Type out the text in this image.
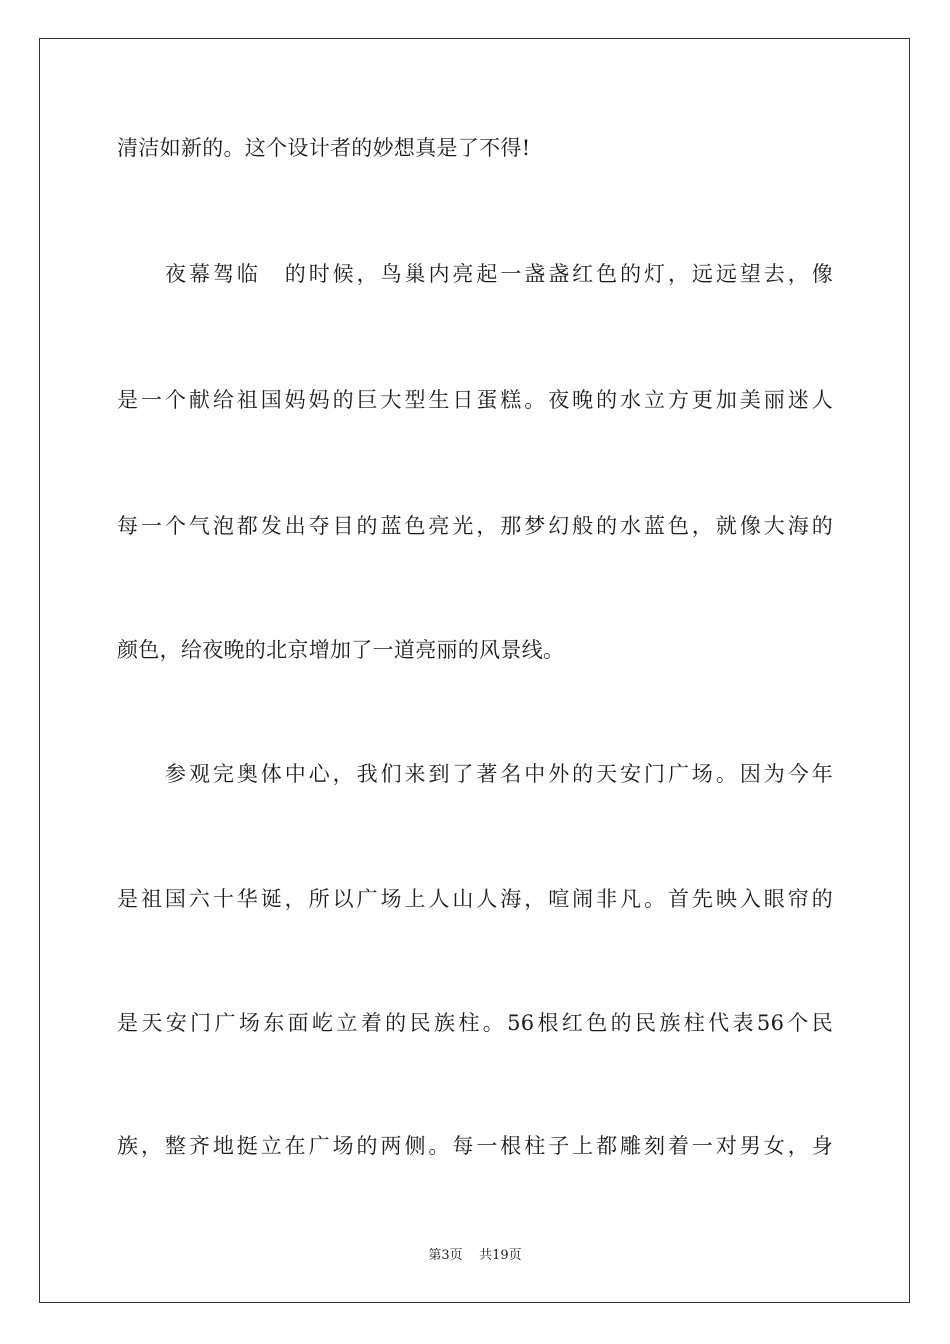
清洁如新的。这个设计者的妙想真是了不得!
夜幕驾临　的时候，鸟巢内亮起一盏盏红色的灯，远远望去，像
是一个献给祖国妈妈的巨大型生日蛋糕。夜晚的水立方更加美丽迷人
每一个气泡都发出夺目的蓝色亮光，那梦幻般的水蓝色，就像大海的
颜色，给夜晚的北京增加了一道亮丽的风景线。
参观完奥体中心，我们来到了著名中外的天安门广场。因为今年
是祖国六十华诞，所以广场上人山人海，喧闹非凡。首先映入眼帘的
是天安门广场东面屹立着的民族柱。56根红色的民族柱代表56个民
族，整齐地挺立在广场的两侧。每一根柱子上都雕刻着一对男女，身
第3页 共19页
